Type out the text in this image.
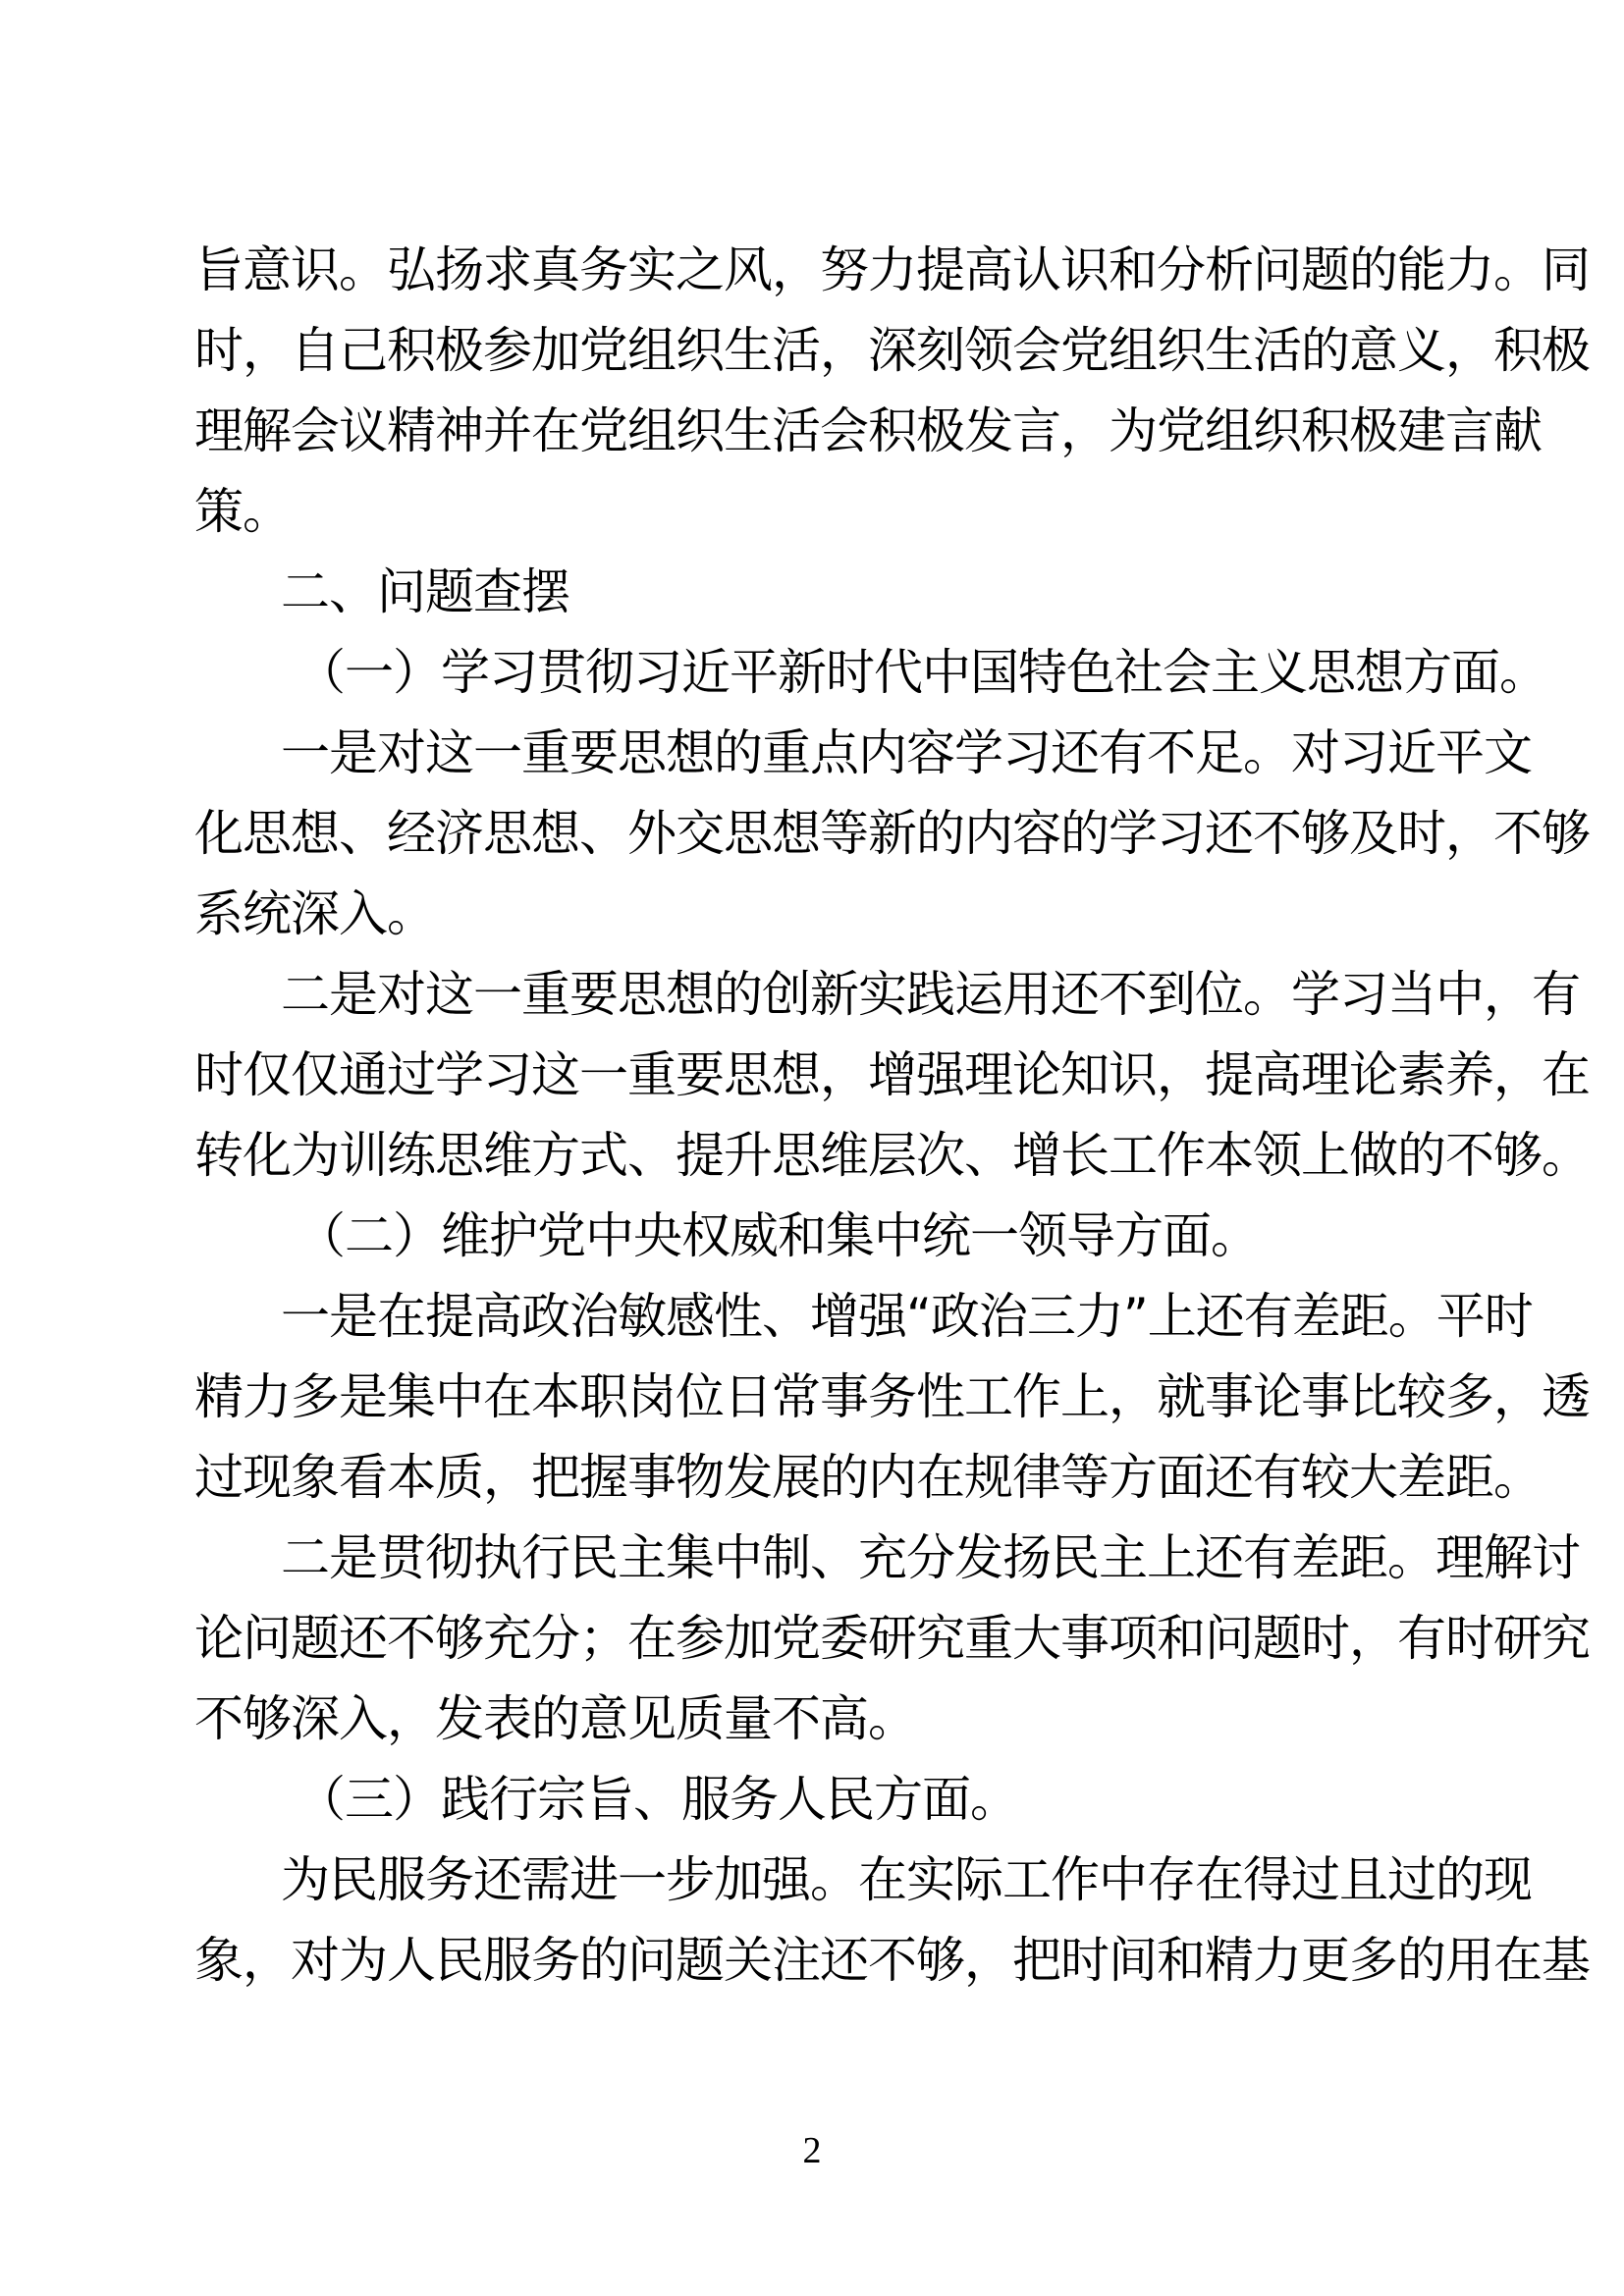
旨意识。弘扬求真务实之风，努力提高认识和分析问题的能力。同
时，自己积极参加党组织生活，深刻领会党组织生活的意义，积极
理解会议精神并在党组织生活会积极发言，为党组织积极建言献
策。
二、问题查摆
（一）学习贯彻习近平新时代中国特色社会主义思想方面。
一是对这一重要思想的重点内容学习还有不足。对习近平文
化思想、经济思想、外交思想等新的内容的学习还不够及时，不够
系统深入。
二是对这一重要思想的创新实践运用还不到位。学习当中，有
时仅仅通过学习这一重要思想，增强理论知识，提高理论素养，在
转化为训练思维方式、提升思维层次、增长工作本领上做的不够。
（二）维护党中央权威和集中统一领导方面。
一是在提高政治敏感性、增强“政治三力”上还有差距。平时
精力多是集中在本职岗位日常事务性工作上，就事论事比较多，透
过现象看本质，把握事物发展的内在规律等方面还有较大差距。
二是贯彻执行民主集中制、充分发扬民主上还有差距。理解讨
论问题还不够充分；在参加党委研究重大事项和问题时，有时研究
不够深入，发表的意见质量不高。
（三）践行宗旨、服务人民方面。
为民服务还需进一步加强。在实际工作中存在得过且过的现
象，对为人民服务的问题关注还不够，把时间和精力更多的用在基
2
